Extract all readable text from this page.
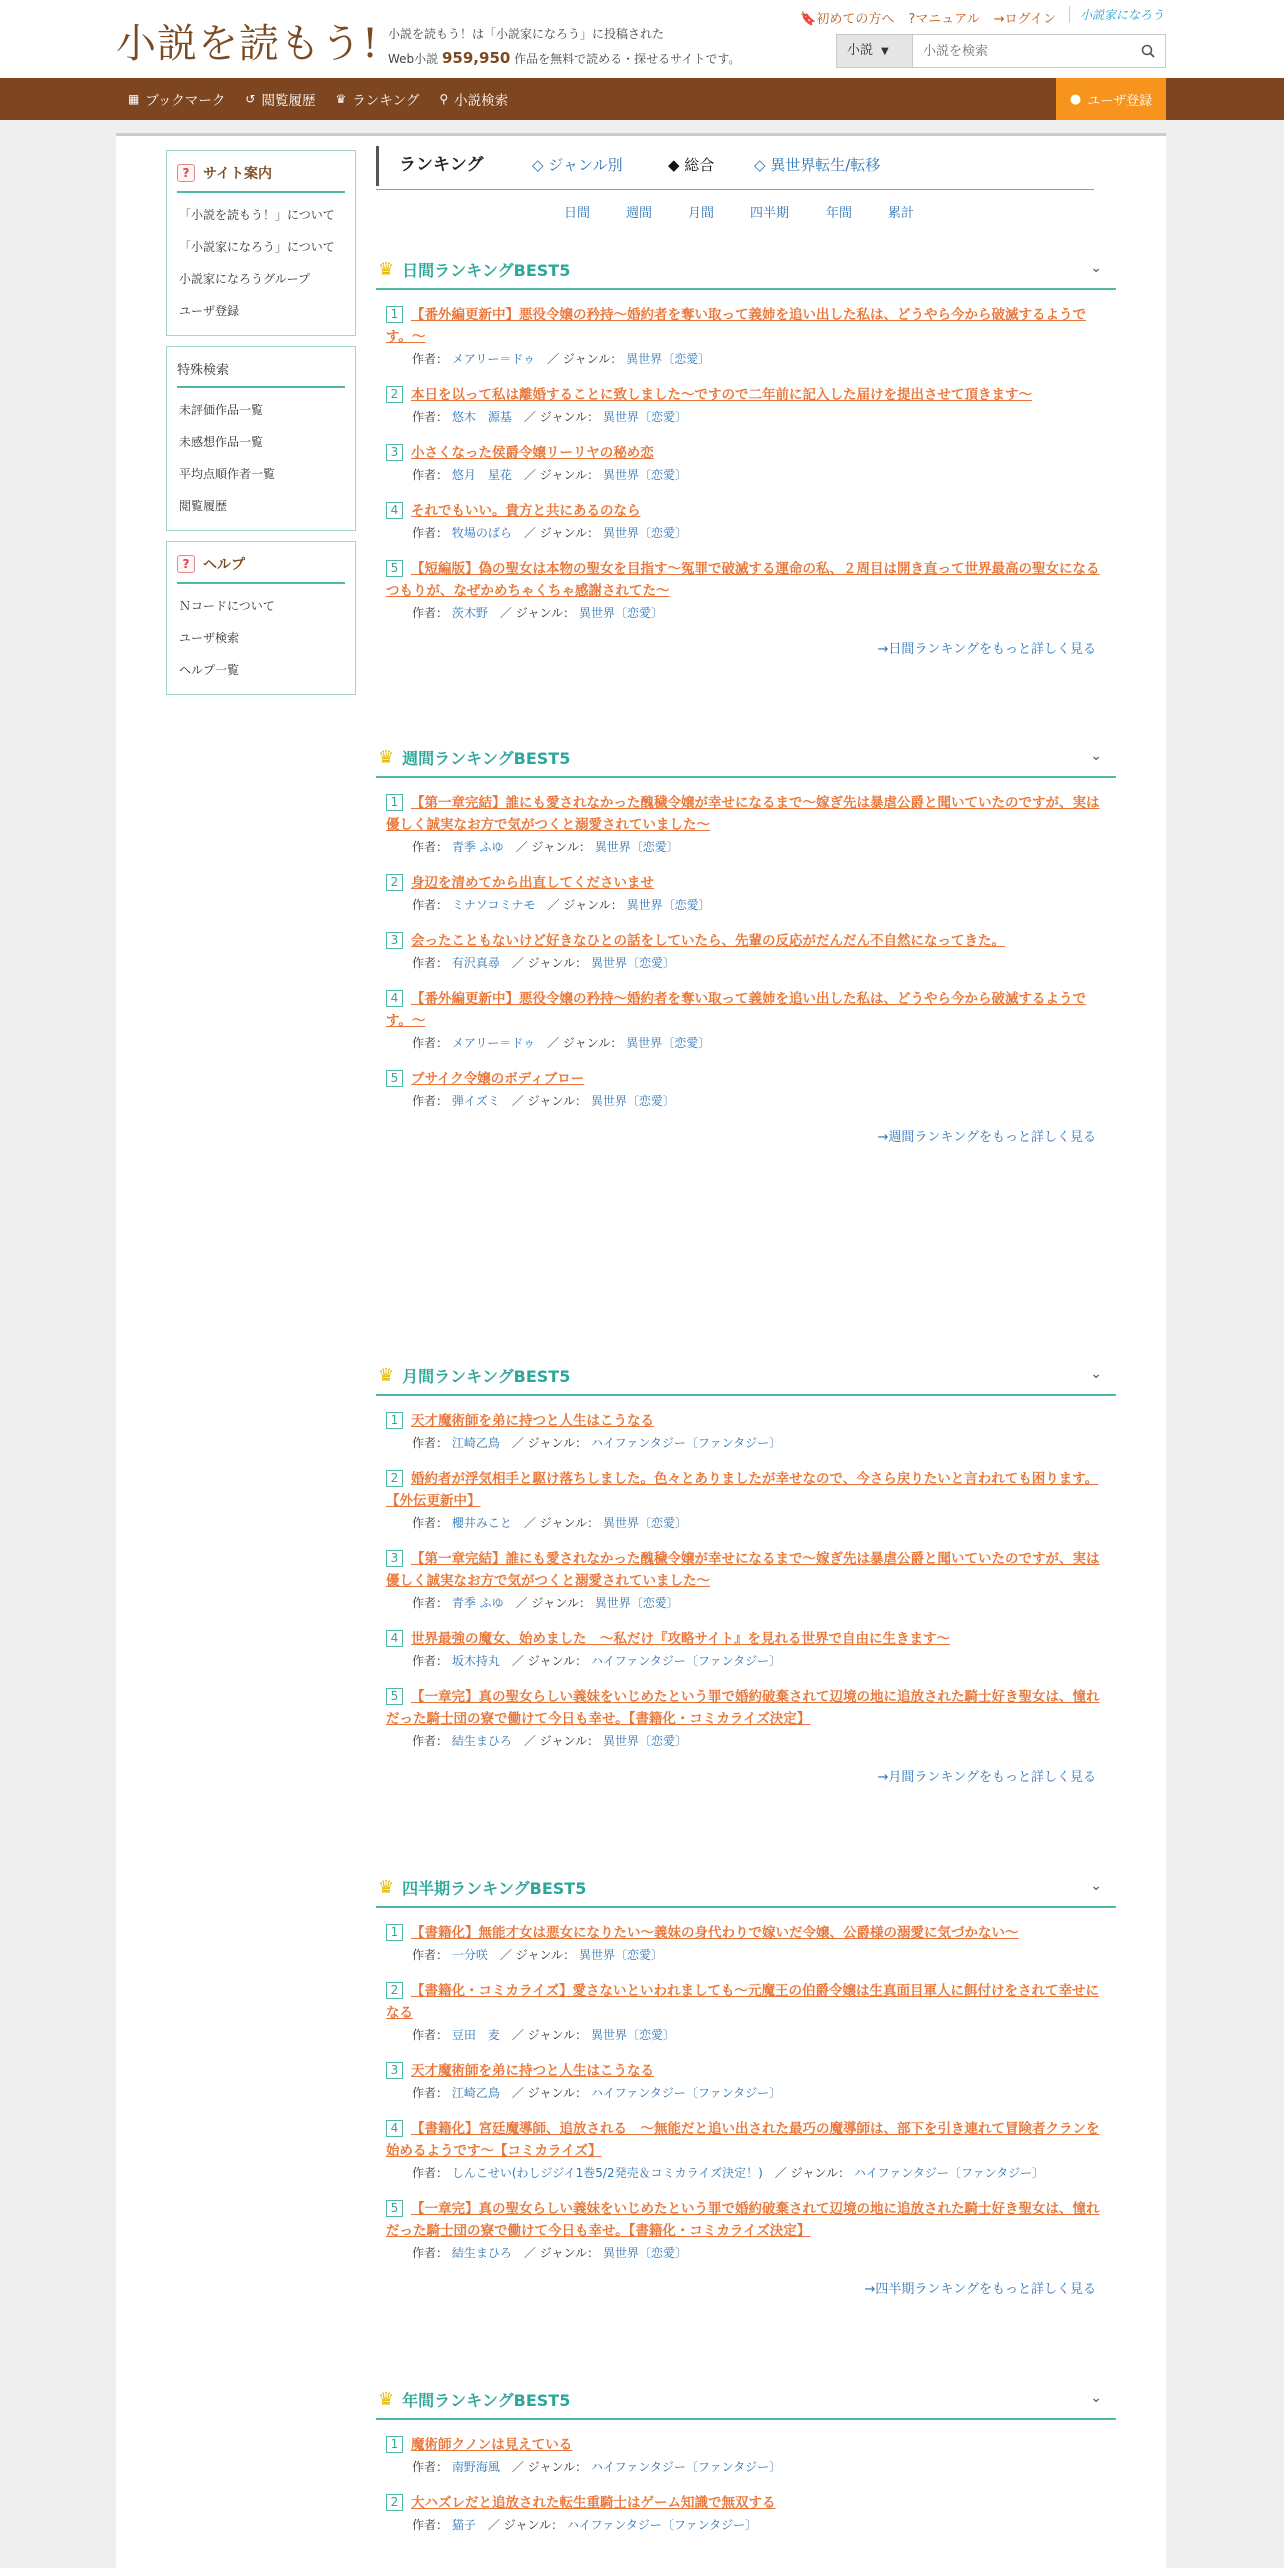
小説を読もう! 小説を読もう！は「小説家になろう」に投稿された
Web小説 959,950 作品を無料で読める・探せるサイトです。
🔖初めての方へ ?マニュアル →ログイン	小説家になろう
小説 ▼
小説を検索
▦ ブックマーク ↺ 閲覧履歴 ♛ ランキング ⚲ 小説検索	● ユーザ登録
? サイト案内
「小説を読もう！」について
「小説家になろう」について
小説家になろうグループ
ユーザ登録
特殊検索
未評価作品一覧
未感想作品一覧
平均点順作者一覧
閲覧履歴
? ヘルプ
Ｎコードについて
ユーザ検索
ヘルプ一覧
ランキング	◇ ジャンル別	◆ 総合	◇ 異世界転生/転移
日間	週間	月間	四半期	年間	累計
♛ 日間ランキングBEST5	⌄
1 【番外編更新中】悪役令嬢の矜持〜婚約者を奪い取って義姉を追い出した私は、どうやら今から破滅するようです。〜
作者： メアリー＝ドゥ　 ／ ジャンル： 異世界〔恋愛〕
2 本日を以って私は離婚することに致しました〜ですので二年前に記入した届けを提出させて頂きます〜
作者： 悠木　源基　 ／ ジャンル： 異世界〔恋愛〕
3 小さくなった侯爵令嬢リーリヤの秘め恋
作者： 悠月　星花　 ／ ジャンル： 異世界〔恋愛〕
4 それでもいい。貴方と共にあるのなら
作者： 牧場のばら　 ／ ジャンル： 異世界〔恋愛〕
5 【短編版】偽の聖女は本物の聖女を目指す〜冤罪で破滅する運命の私、２周目は開き直って世界最高の聖女になるつもりが、なぜかめちゃくちゃ感謝されてた〜
作者： 茨木野　 ／ ジャンル： 異世界〔恋愛〕
→日間ランキングをもっと詳しく見る
♛ 週間ランキングBEST5	⌄
1 【第一章完結】誰にも愛されなかった醜穢令嬢が幸せになるまで〜嫁ぎ先は暴虐公爵と聞いていたのですが、実は優しく誠実なお方で気がつくと溺愛されていました〜
作者： 青季 ふゆ　 ／ ジャンル： 異世界〔恋愛〕
2 身辺を清めてから出直してくださいませ
作者： ミナソコミナモ　 ／ ジャンル： 異世界〔恋愛〕
3 会ったこともないけど好きなひとの話をしていたら、先輩の反応がだんだん不自然になってきた。
作者： 有沢真尋　 ／ ジャンル： 異世界〔恋愛〕
4 【番外編更新中】悪役令嬢の矜持〜婚約者を奪い取って義姉を追い出した私は、どうやら今から破滅するようです。〜
作者： メアリー＝ドゥ　 ／ ジャンル： 異世界〔恋愛〕
5 ブサイク令嬢のボディブロー
作者： 弾イズミ　 ／ ジャンル： 異世界〔恋愛〕
→週間ランキングをもっと詳しく見る
♛ 月間ランキングBEST5	⌄
1 天才魔術師を弟に持つと人生はこうなる
作者： 江崎乙鳥　 ／ ジャンル： ハイファンタジー〔ファンタジー〕
2 婚約者が浮気相手と駆け落ちしました。色々とありましたが幸せなので、今さら戻りたいと言われても困ります。【外伝更新中】
作者： 櫻井みこと　 ／ ジャンル： 異世界〔恋愛〕
3 【第一章完結】誰にも愛されなかった醜穢令嬢が幸せになるまで〜嫁ぎ先は暴虐公爵と聞いていたのですが、実は優しく誠実なお方で気がつくと溺愛されていました〜
作者： 青季 ふゆ　 ／ ジャンル： 異世界〔恋愛〕
4 世界最強の魔女、始めました　〜私だけ『攻略サイト』を見れる世界で自由に生きます〜
作者： 坂木持丸　 ／ ジャンル： ハイファンタジー〔ファンタジー〕
5 【一章完】真の聖女らしい義妹をいじめたという罪で婚約破棄されて辺境の地に追放された騎士好き聖女は、憧れだった騎士団の寮で働けて今日も幸せ。【書籍化・コミカライズ決定】
作者： 結生まひろ　 ／ ジャンル： 異世界〔恋愛〕
→月間ランキングをもっと詳しく見る
♛ 四半期ランキングBEST5	⌄
1 【書籍化】無能才女は悪女になりたい〜義妹の身代わりで嫁いだ令嬢、公爵様の溺愛に気づかない〜
作者： 一分咲　 ／ ジャンル： 異世界〔恋愛〕
2 【書籍化・コミカライズ】愛さないといわれましても〜元魔王の伯爵令嬢は生真面目軍人に餌付けをされて幸せになる
作者： 豆田　麦　 ／ ジャンル： 異世界〔恋愛〕
3 天才魔術師を弟に持つと人生はこうなる
作者： 江崎乙鳥　 ／ ジャンル： ハイファンタジー〔ファンタジー〕
4 【書籍化】宮廷魔導師、追放される　〜無能だと追い出された最巧の魔導師は、部下を引き連れて冒険者クランを始めるようです〜【コミカライズ】
作者： しんこせい(わしジジイ1巻5/2発売＆コミカライズ決定！)　 ／ ジャンル： ハイファンタジー〔ファンタジー〕
5 【一章完】真の聖女らしい義妹をいじめたという罪で婚約破棄されて辺境の地に追放された騎士好き聖女は、憧れだった騎士団の寮で働けて今日も幸せ。【書籍化・コミカライズ決定】
作者： 結生まひろ　 ／ ジャンル： 異世界〔恋愛〕
→四半期ランキングをもっと詳しく見る
♛ 年間ランキングBEST5	⌄
1 魔術師クノンは見えている
作者： 南野海風　 ／ ジャンル： ハイファンタジー〔ファンタジー〕
2 大ハズレだと追放された転生重騎士はゲーム知識で無双する
作者： 猫子　 ／ ジャンル： ハイファンタジー〔ファンタジー〕
